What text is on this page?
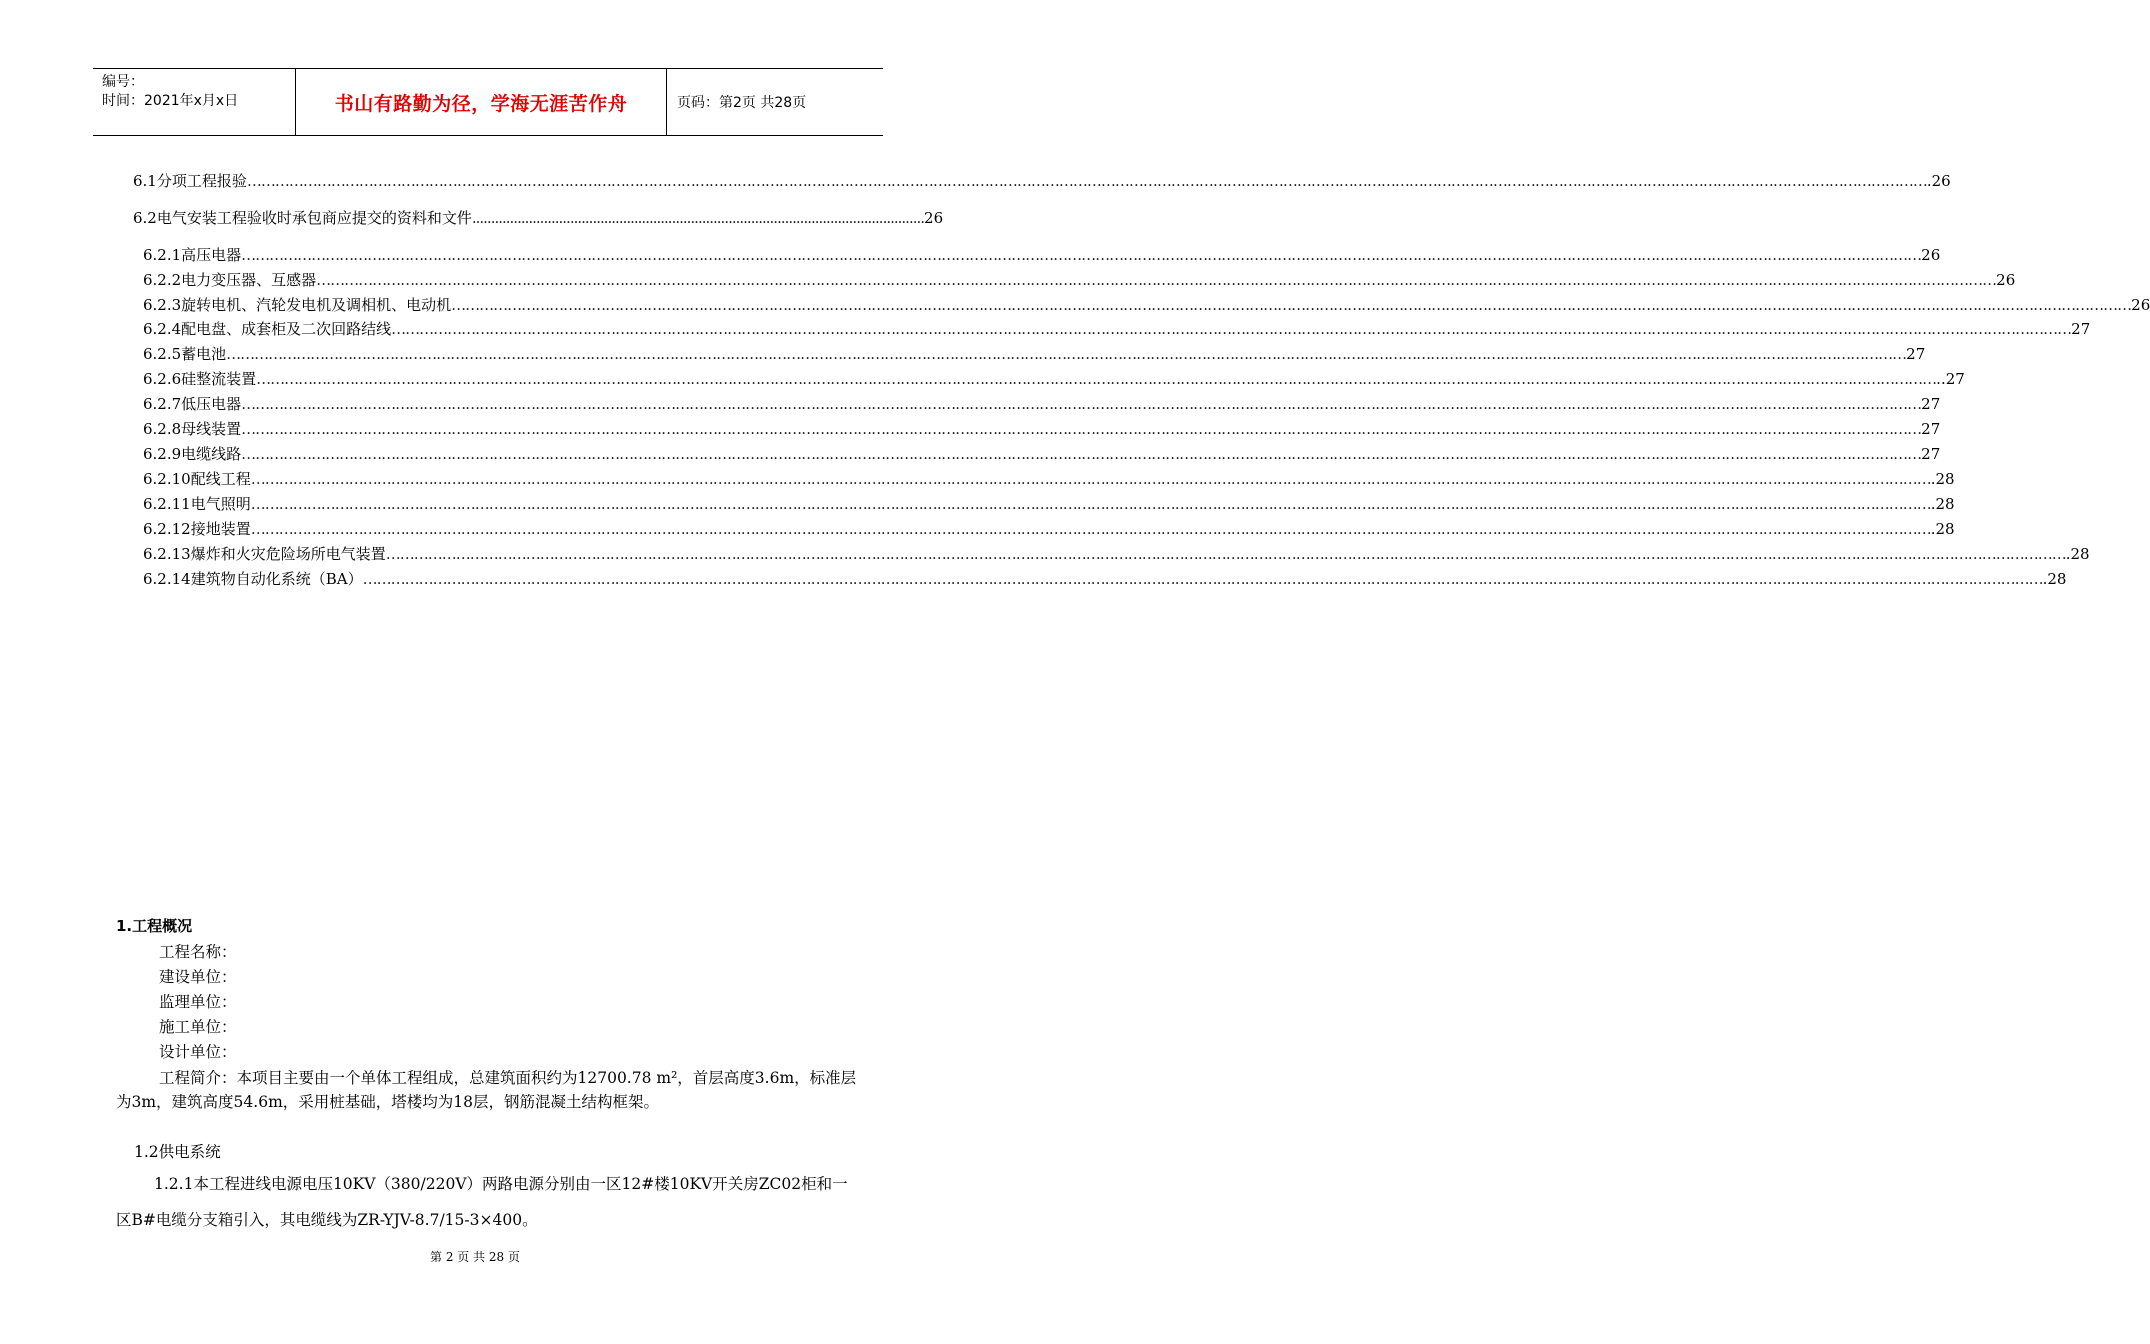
编号：
时间：2021年x月x日	书山有路勤为径，学海无涯苦作舟	页码：第2页 共28页
6.1分项工程报验 ……………………………………………………………………………………………………………………………………………………………………………………………………………………………………………………………………………………………………………………………… .26
6.2电气安装工程验收时承包商应提交的资料和文件 ........................................................................................................................ 26
6.2.1高压电器 ……………………………………………………………………………………………………………………………………………………………………………………………………………………………………………………………………………………………………………………………… 26
6.2.2电力变压器、互感器 ……………………………………………………………………………………………………………………………………………………………………………………………………………………………………………………………………………………………………………………………… 26
6.2.3旋转电机、汽轮发电机及调相机、电动机 ……………………………………………………………………………………………………………………………………………………………………………………………………………………………………………………………………………………………………………………………… 26
6.2.4配电盘、成套柜及二次回路结线 ……………………………………………………………………………………………………………………………………………………………………………………………………………………………………………………………………………………………………………………………… 27
6.2.5蓄电池 ……………………………………………………………………………………………………………………………………………………………………………………………………………………………………………………………………………………………………………………………… 27
6.2.6硅整流装置 ……………………………………………………………………………………………………………………………………………………………………………………………………………………………………………………………………………………………………………………………… ..27
6.2.7低压电器 ……………………………………………………………………………………………………………………………………………………………………………………………………………………………………………………………………………………………………………………………… 27
6.2.8母线装置 ……………………………………………………………………………………………………………………………………………………………………………………………………………………………………………………………………………………………………………………………… 27
6.2.9电缆线路 ……………………………………………………………………………………………………………………………………………………………………………………………………………………………………………………………………………………………………………………………… 27
6.2.10配线工程 ……………………………………………………………………………………………………………………………………………………………………………………………………………………………………………………………………………………………………………………………… .28
6.2.11电气照明 ……………………………………………………………………………………………………………………………………………………………………………………………………………………………………………………………………………………………………………………………… .28
6.2.12接地装置 ……………………………………………………………………………………………………………………………………………………………………………………………………………………………………………………………………………………………………………………………… .28
6.2.13爆炸和火灾危险场所电气装置 ……………………………………………………………………………………………………………………………………………………………………………………………………………………………………………………………………………………………………………………………… .28
6.2.14建筑物自动化系统（BA） ……………………………………………………………………………………………………………………………………………………………………………………………………………………………………………………………………………………………………………………………… .28
1.工程概况
工程名称：
建设单位：
监理单位：
施工单位：
设计单位：
工程简介：本项目主要由一个单体工程组成，总建筑面积约为12700.78 m²，首层高度3.6m，标准层为3m，建筑高度54.6m，采用桩基础，塔楼均为18层，钢筋混凝土结构框架。
1.2供电系统
1.2.1本工程进线电源电压10KV（380/220V）两路电源分别由一区12#楼10KV开关房ZC02柜和一区B#电缆分支箱引入，其电缆线为ZR-YJV-8.7/15-3×400。
第 2 页 共 28 页
